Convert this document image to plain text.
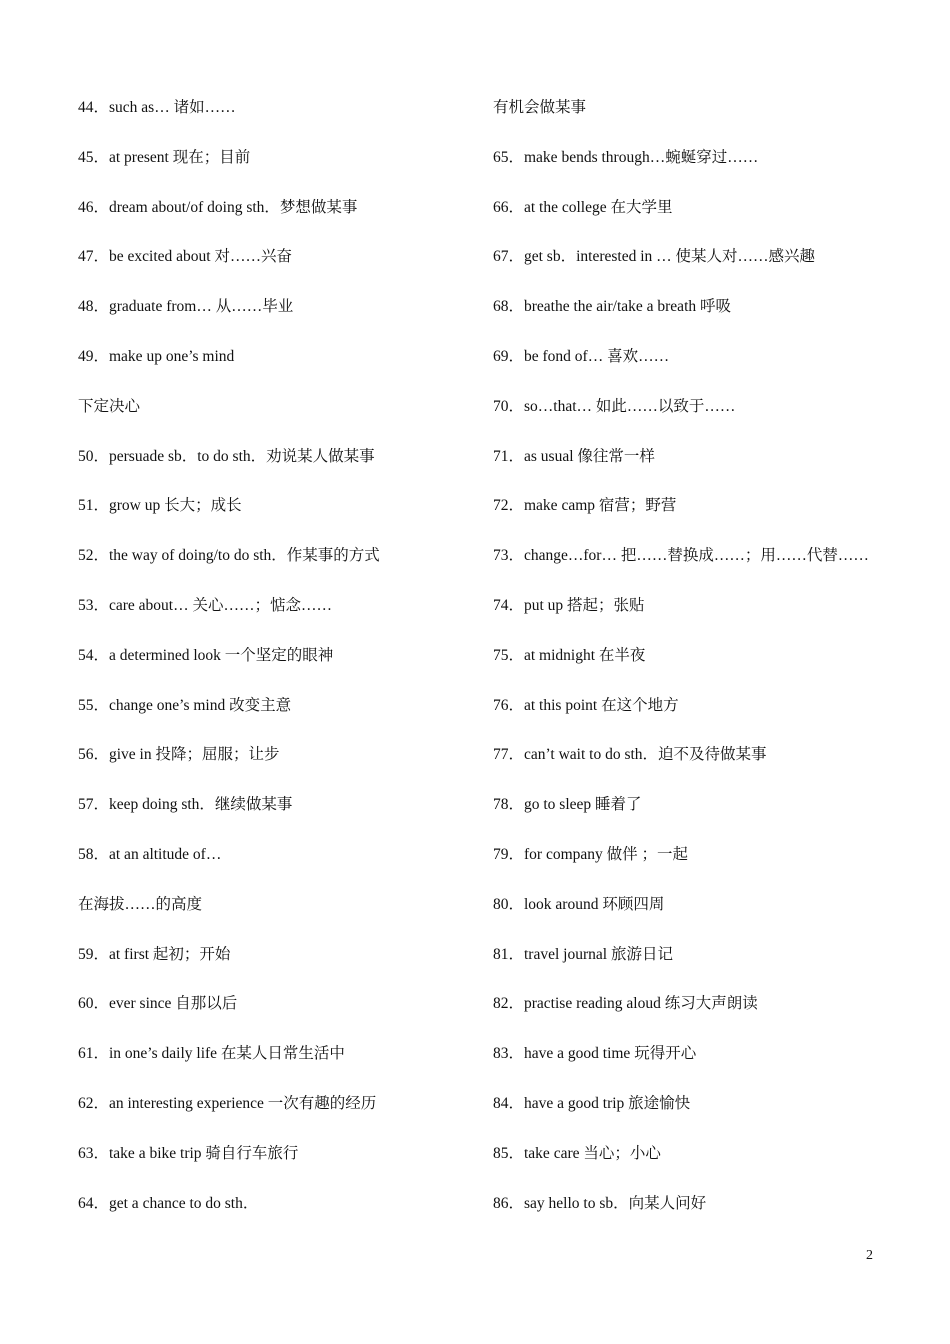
44．such as… 诸如……

45．at present 现在；目前

46．dream about/of doing sth．梦想做某事

47．be excited about 对……兴奋

48．graduate from… 从……毕业

49．make up one’s mind

下定决心

50．persuade sb．to do sth．劝说某人做某事

51．grow up 长大；成长

52．the way of doing/to do sth．作某事的方式

53．care about… 关心……；惦念……

54．a determined look 一个坚定的眼神

55．change one’s mind 改变主意

56．give in 投降；屈服；让步

57．keep doing sth．继续做某事

58．at an altitude of…

在海拔……的高度

59．at first 起初；开始

60．ever since 自那以后

61．in one’s daily life 在某人日常生活中

62．an interesting experience 一次有趣的经历

63．take a bike trip 骑自行车旅行

64．get a chance to do sth．

有机会做某事

65．make bends through…蜿蜒穿过……

66．at the college 在大学里

67．get sb．interested in … 使某人对……感兴趣

68．breathe the air/take a breath 呼吸

69．be fond of… 喜欢……

70．so…that… 如此……以致于……

71．as usual 像往常一样

72．make camp 宿营；野营

73．change…for… 把……替换成……；用……代替……

74．put up 搭起；张贴

75．at midnight 在半夜

76．at this point 在这个地方

77．can’t wait to do sth．迫不及待做某事

78．go to sleep 睡着了

79．for company 做伴 ；一起

80．look around 环顾四周

81．travel journal 旅游日记

82．practise reading aloud 练习大声朗读

83．have a good time 玩得开心

84．have a good trip 旅途愉快

85．take care 当心；小心

86．say hello to sb．向某人问好

2
